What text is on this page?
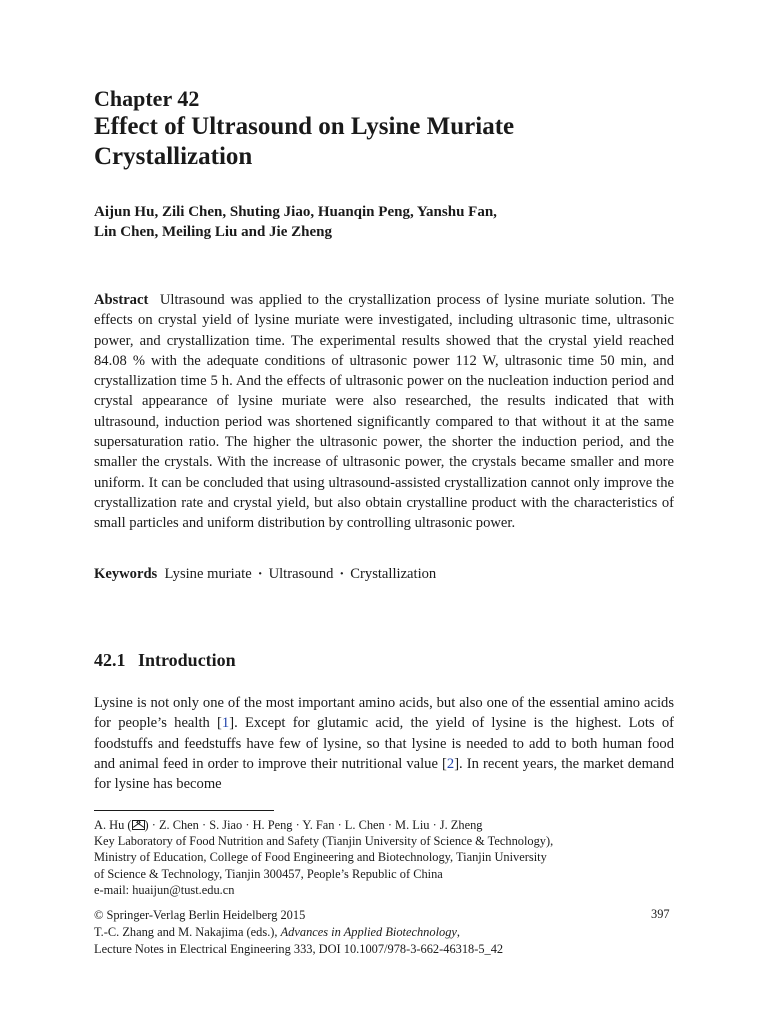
Chapter 42
Effect of Ultrasound on Lysine Muriate
Crystallization
Aijun Hu, Zili Chen, Shuting Jiao, Huanqin Peng, Yanshu Fan,
Lin Chen, Meiling Liu and Jie Zheng
Abstract Ultrasound was applied to the crystallization process of lysine muriate solution. The effects on crystal yield of lysine muriate were investigated, including ultrasonic time, ultrasonic power, and crystallization time. The experimental results showed that the crystal yield reached 84.08 % with the adequate conditions of ultrasonic power 112 W, ultrasonic time 50 min, and crystallization time 5 h. And the effects of ultrasonic power on the nucleation induction period and crystal appearance of lysine muriate were also researched, the results indicated that with ultrasound, induction period was shortened significantly compared to that without it at the same supersaturation ratio. The higher the ultrasonic power, the shorter the induction period, and the smaller the crystals. With the increase of ultrasonic power, the crystals became smaller and more uniform. It can be concluded that using ultrasound-assisted crystallization cannot only improve the crystallization rate and crystal yield, but also obtain crystalline product with the characteristics of small particles and uniform distribution by controlling ultrasonic power.
Keywords Lysine muriate · Ultrasound · Crystallization
42.1 Introduction
Lysine is not only one of the most important amino acids, but also one of the essential amino acids for people’s health [1]. Except for glutamic acid, the yield of lysine is the highest. Lots of foodstuffs and feedstuffs have few of lysine, so that lysine is needed to add to both human food and animal feed in order to improve their nutritional value [2]. In recent years, the market demand for lysine has become
A. Hu ( ) · Z. Chen · S. Jiao · H. Peng · Y. Fan · L. Chen · M. Liu · J. Zheng
Key Laboratory of Food Nutrition and Safety (Tianjin University of Science & Technology),
Ministry of Education, College of Food Engineering and Biotechnology, Tianjin University
of Science & Technology, Tianjin 300457, People’s Republic of China
e-mail: huaijun@tust.edu.cn
© Springer-Verlag Berlin Heidelberg 2015
T.-C. Zhang and M. Nakajima (eds.), Advances in Applied Biotechnology,
Lecture Notes in Electrical Engineering 333, DOI 10.1007/978-3-662-46318-5_42
397
